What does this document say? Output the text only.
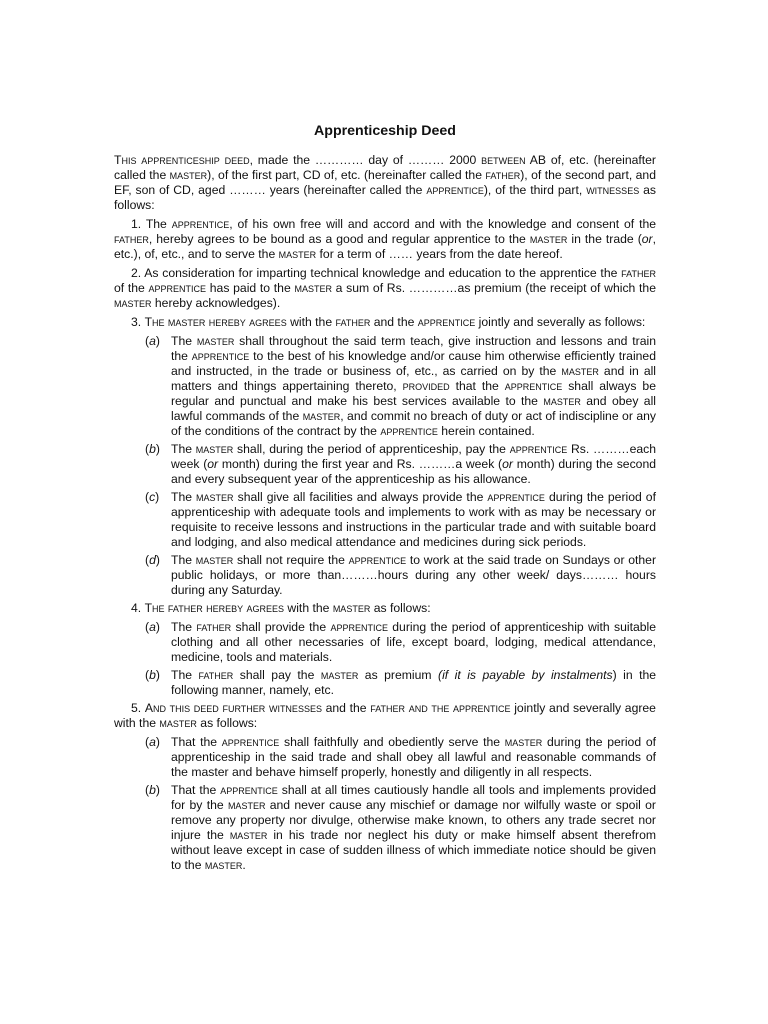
Apprenticeship Deed

This apprenticeship deed, made the ………… day of ……… 2000 between AB of, etc. (hereinafter called the master), of the first part, CD of, etc. (hereinafter called the father), of the second part, and EF, son of CD, aged ……… years (hereinafter called the apprentice), of the third part, witnesses as follows:

1. The apprentice, of his own free will and accord and with the knowledge and consent of the father, hereby agrees to be bound as a good and regular apprentice to the master in the trade (or, etc.), of, etc., and to serve the master for a term of …… years from the date hereof.

2. As consideration for imparting technical knowledge and education to the apprentice the father of the apprentice has paid to the master a sum of Rs. …………as premium (the receipt of which the master hereby acknowledges).

3. The master hereby agrees with the father and the apprentice jointly and severally as follows:

(a) The master shall throughout the said term teach, give instruction and lessons and train the apprentice to the best of his knowledge and/or cause him otherwise efficiently trained and instructed, in the trade or business of, etc., as carried on by the master and in all matters and things appertaining thereto, provided that the apprentice shall always be regular and punctual and make his best services available to the master and obey all lawful commands of the master, and commit no breach of duty or act of indiscipline or any of the conditions of the contract by the apprentice herein contained.

(b) The master shall, during the period of apprenticeship, pay the apprentice Rs. ………each week (or month) during the first year and Rs. ………a week (or month) during the second and every subsequent year of the apprenticeship as his allowance.

(c) The master shall give all facilities and always provide the apprentice during the period of apprenticeship with adequate tools and implements to work with as may be necessary or requisite to receive lessons and instructions in the particular trade and with suitable board and lodging, and also medical attendance and medicines during sick periods.

(d) The master shall not require the apprentice to work at the said trade on Sundays or other public holidays, or more than………hours during any other week/ days……… hours during any Saturday.

4. The father hereby agrees with the master as follows:

(a) The father shall provide the apprentice during the period of apprenticeship with suitable clothing and all other necessaries of life, except board, lodging, medical attendance, medicine, tools and materials.

(b) The father shall pay the master as premium (if it is payable by instalments) in the following manner, namely, etc.

5. And this deed further witnesses and the father and the apprentice jointly and severally agree with the master as follows:

(a) That the apprentice shall faithfully and obediently serve the master during the period of apprenticeship in the said trade and shall obey all lawful and reasonable commands of the master and behave himself properly, honestly and diligently in all respects.

(b) That the apprentice shall at all times cautiously handle all tools and implements provided for by the master and never cause any mischief or damage nor wilfully waste or spoil or remove any property nor divulge, otherwise make known, to others any trade secret nor injure the master in his trade nor neglect his duty or make himself absent therefrom without leave except in case of sudden illness of which immediate notice should be given to the master.
